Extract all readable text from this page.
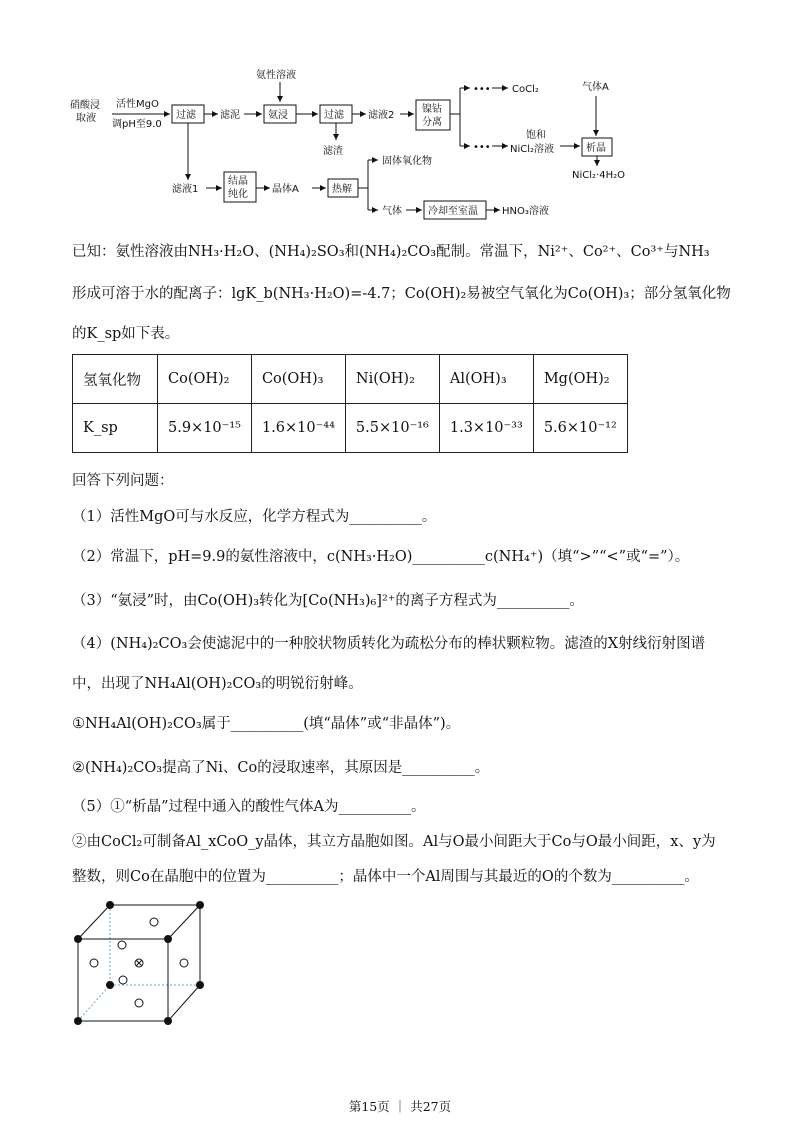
硝酸浸
取液
活性MgO
调pH至9.0
过滤 滤泥
氨性溶液
氨浸	过滤
滤渣
滤液2
镍钴
分离
••• CoCl₂
•••
饱和
NiCl₂溶液
气体A
析晶
NiCl₂·4H₂O
滤液1
结晶
纯化 晶体A	热解
固体氧化物
气体	冷却至室温 HNO₃溶液
已知：氨性溶液由NH₃·H₂O、(NH₄)₂SO₃和(NH₄)₂CO₃配制。常温下，Ni²⁺、Co²⁺、Co³⁺与NH₃
形成可溶于水的配离子：lgK_b(NH₃·H₂O)=-4.7；Co(OH)₂易被空气氧化为Co(OH)₃；部分氢氧化物
的K_sp如下表。
氢氧化物	Co(OH)₂	Co(OH)₃	Ni(OH)₂	Al(OH)₃	Mg(OH)₂
K_sp	5.9×10⁻¹⁵	1.6×10⁻⁴⁴	5.5×10⁻¹⁶	1.3×10⁻³³	5.6×10⁻¹²
回答下列问题：
（1）活性MgO可与水反应，化学方程式为__________。
（2）常温下，pH=9.9的氨性溶液中，c(NH₃·H₂O)__________c(NH₄⁺)（填“>”“<”或“=”）。
（3）“氨浸”时，由Co(OH)₃转化为[Co(NH₃)₆]²⁺的离子方程式为__________。
（4）(NH₄)₂CO₃会使滤泥中的一种胶状物质转化为疏松分布的棒状颗粒物。滤渣的X射线衍射图谱
中，出现了NH₄Al(OH)₂CO₃的明锐衍射峰。
①NH₄Al(OH)₂CO₃属于__________(填“晶体”或“非晶体”)。
②(NH₄)₂CO₃提高了Ni、Co的浸取速率，其原因是__________。
（5）①“析晶”过程中通入的酸性气体A为__________。
②由CoCl₂可制备Al_xCoO_y晶体，其立方晶胞如图。Al与O最小间距大于Co与O最小间距，x、y为
整数，则Co在晶胞中的位置为__________；晶体中一个Al周围与其最近的O的个数为__________。
第15页 ｜ 共27页
